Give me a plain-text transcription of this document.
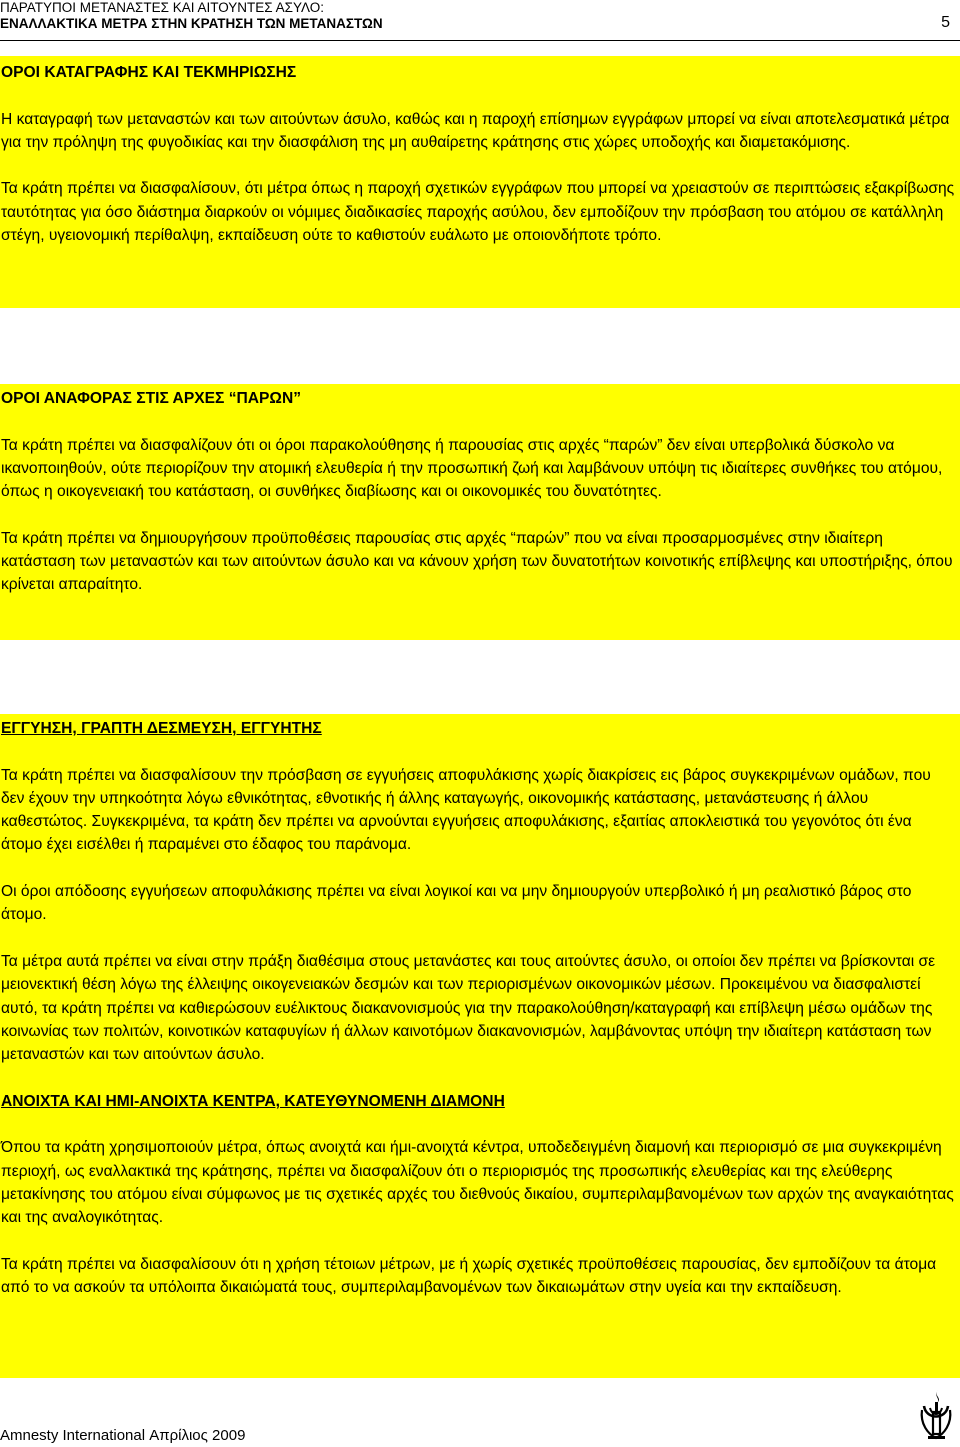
ΠΑΡΑΤΥΠΟΙ ΜΕΤΑΝΑΣΤΕΣ ΚΑΙ ΑΙΤΟΥΝΤΕΣ ΑΣΥΛΟ:
ΕΝΑΛΛΑΚΤΙΚΑ ΜΕΤΡΑ ΣΤΗΝ ΚΡΑΤΗΣΗ ΤΩΝ ΜΕΤΑΝΑΣΤΩΝ	5
ΟΡΟΙ ΚΑΤΑΓΡΑΦΗΣ ΚΑΙ ΤΕΚΜΗΡΙΩΣΗΣ

Η καταγραφή των μεταναστών και των αιτούντων άσυλο, καθώς και η παροχή επίσημων εγγράφων μπορεί να είναι αποτελεσματικά μέτρα για την πρόληψη της φυγοδικίας και την διασφάλιση της μη αυθαίρετης κράτησης στις χώρες υποδοχής και διαμετακόμισης.

Τα κράτη πρέπει να διασφαλίσουν, ότι μέτρα όπως η παροχή σχετικών εγγράφων που μπορεί να χρειαστούν σε περιπτώσεις εξακρίβωσης ταυτότητας για όσο διάστημα διαρκούν οι νόμιμες διαδικασίες παροχής ασύλου, δεν εμποδίζουν την πρόσβαση του ατόμου σε κατάλληλη στέγη, υγειονομική περίθαλψη, εκπαίδευση ούτε το καθιστούν ευάλωτο με οποιονδήποτε τρόπο.

ΟΡΟΙ ΑΝΑΦΟΡΑΣ ΣΤΙΣ ΑΡΧΕΣ “ΠΑΡΩΝ”

Τα κράτη πρέπει να διασφαλίζουν ότι οι όροι παρακολούθησης ή παρουσίας στις αρχές “παρών” δεν είναι υπερβολικά δύσκολο να ικανοποιηθούν, ούτε περιορίζουν την ατομική ελευθερία ή την προσωπική ζωή και λαμβάνουν υπόψη τις ιδιαίτερες συνθήκες του ατόμου, όπως η οικογενειακή του κατάσταση, οι συνθήκες διαβίωσης και οι οικονομικές του δυνατότητες.

Τα κράτη πρέπει να δημιουργήσουν προϋποθέσεις παρουσίας στις αρχές “παρών” που να είναι προσαρμοσμένες στην ιδιαίτερη κατάσταση των μεταναστών και των αιτούντων άσυλο και να κάνουν χρήση των δυνατοτήτων κοινοτικής επίβλεψης και υποστήριξης, όπου κρίνεται απαραίτητο.

ΕΓΓΥΗΣΗ, ΓΡΑΠΤΗ ΔΕΣΜΕΥΣΗ, ΕΓΓΥΗΤΗΣ

Τα κράτη πρέπει να διασφαλίσουν την πρόσβαση σε εγγυήσεις αποφυλάκισης χωρίς διακρίσεις εις βάρος συγκεκριμένων ομάδων, που δεν έχουν την υπηκοότητα λόγω εθνικότητας, εθνοτικής ή άλλης καταγωγής, οικονομικής κατάστασης, μετανάστευσης ή άλλου καθεστώτος. Συγκεκριμένα, τα κράτη δεν πρέπει να αρνούνται εγγυήσεις αποφυλάκισης, εξαιτίας αποκλειστικά του γεγονότος ότι ένα άτομο έχει εισέλθει ή παραμένει στο έδαφος του παράνομα.

Οι όροι απόδοσης εγγυήσεων αποφυλάκισης πρέπει να είναι λογικοί και να μην δημιουργούν υπερβολικό ή μη ρεαλιστικό βάρος στο άτομο.

Τα μέτρα αυτά πρέπει να είναι στην πράξη διαθέσιμα στους μετανάστες και τους αιτούντες άσυλο, οι οποίοι δεν πρέπει να βρίσκονται σε μειονεκτική θέση λόγω της έλλειψης οικογενειακών δεσμών και των περιορισμένων οικονομικών μέσων. Προκειμένου να διασφαλιστεί αυτό, τα κράτη πρέπει να καθιερώσουν ευέλικτους διακανονισμούς για την παρακολούθηση/καταγραφή και επίβλεψη μέσω ομάδων της κοινωνίας των πολιτών, κοινοτικών καταφυγίων ή άλλων καινοτόμων διακανονισμών, λαμβάνοντας υπόψη την ιδιαίτερη κατάσταση των μεταναστών και των αιτούντων άσυλο.

ΑΝΟΙΧΤΑ ΚΑΙ ΗΜΙ-ΑΝΟΙΧΤΑ ΚΕΝΤΡΑ, ΚΑΤΕΥΘΥΝΟΜΕΝΗ ΔΙΑΜΟΝΗ

Όπου τα κράτη χρησιμοποιούν μέτρα, όπως ανοιχτά και ήμι-ανοιχτά κέντρα, υποδεδειγμένη διαμονή και περιορισμό σε μια συγκεκριμένη περιοχή, ως εναλλακτικά της κράτησης, πρέπει να διασφαλίζουν ότι ο περιορισμός της προσωπικής ελευθερίας και της ελεύθερης μετακίνησης του ατόμου είναι σύμφωνος με τις σχετικές αρχές του διεθνούς δικαίου, συμπεριλαμβανομένων των αρχών της αναγκαιότητας και της αναλογικότητας.

Τα κράτη πρέπει να διασφαλίσουν ότι η χρήση τέτοιων μέτρων, με ή χωρίς σχετικές προϋποθέσεις παρουσίας, δεν εμποδίζουν τα άτομα από το να ασκούν τα υπόλοιπα δικαιώματά τους, συμπεριλαμβανομένων των δικαιωμάτων στην υγεία και την εκπαίδευση.

Amnesty International Απρίλιος 2009
